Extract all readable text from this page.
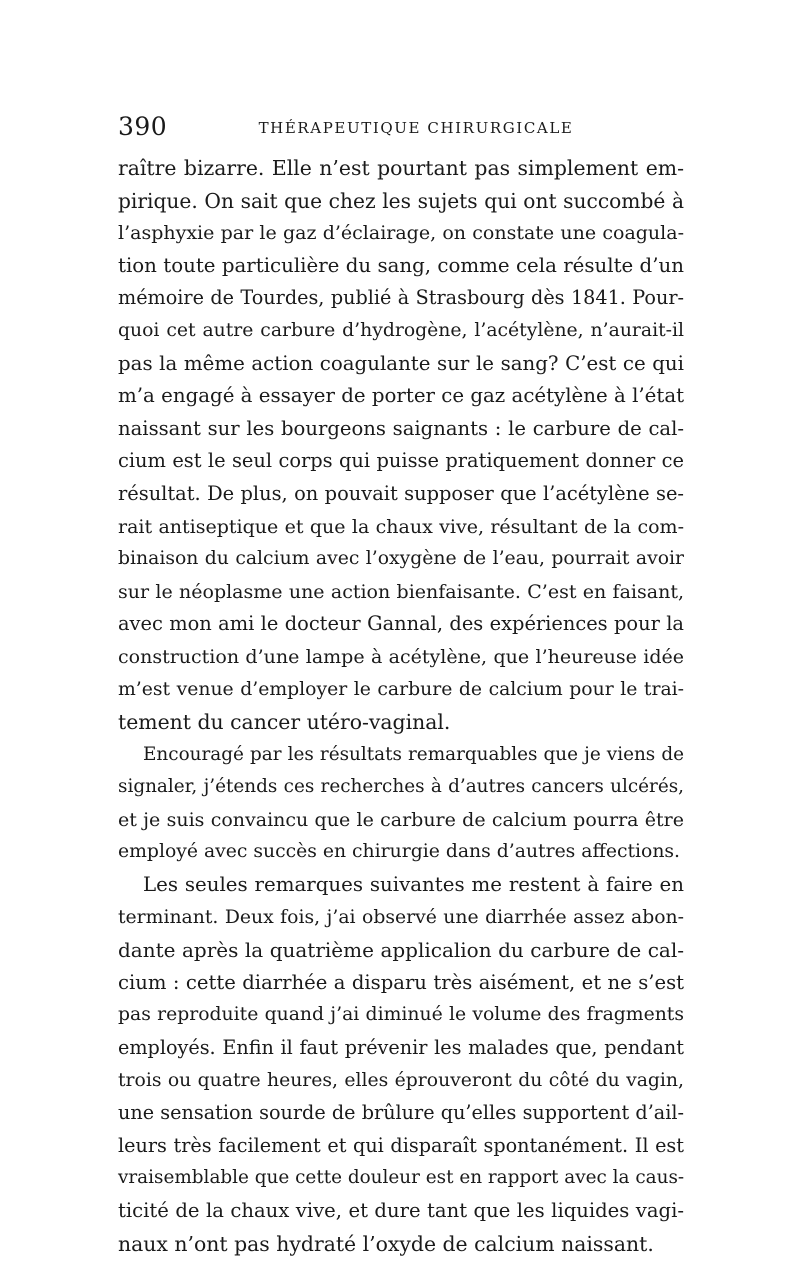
390	THÉRAPEUTIQUE CHIRURGICALE
raître bizarre. Elle n’est pourtant pas simplement em-
pirique. On sait que chez les sujets qui ont succombé à
l’asphyxie par le gaz d’éclairage, on constate une coagula-
tion toute particulière du sang, comme cela résulte d’un
mémoire de Tourdes, publié à Strasbourg dès 1841. Pour-
quoi cet autre carbure d’hydrogène, l’acétylène, n’aurait-il
pas la même action coagulante sur le sang? C’est ce qui
m’a engagé à essayer de porter ce gaz acétylène à l’état
naissant sur les bourgeons saignants : le carbure de cal-
cium est le seul corps qui puisse pratiquement donner ce
résultat. De plus, on pouvait supposer que l’acétylène se-
rait antiseptique et que la chaux vive, résultant de la com-
binaison du calcium avec l’oxygène de l’eau, pourrait avoir
sur le néoplasme une action bienfaisante. C’est en faisant,
avec mon ami le docteur Gannal, des expériences pour la
construction d’une lampe à acétylène, que l’heureuse idée
m’est venue d’employer le carbure de calcium pour le trai-
tement du cancer utéro-vaginal.
Encouragé par les résultats remarquables que je viens de
signaler, j’étends ces recherches à d’autres cancers ulcérés,
et je suis convaincu que le carbure de calcium pourra être
employé avec succès en chirurgie dans d’autres affections.
Les seules remarques suivantes me restent à faire en
terminant. Deux fois, j’ai observé une diarrhée assez abon-
dante après la quatrième applicalion du carbure de cal-
cium : cette diarrhée a disparu très aisément, et ne s’est
pas reproduite quand j’ai diminué le volume des fragments
employés. Enfin il faut prévenir les malades que, pendant
trois ou quatre heures, elles éprouveront du côté du vagin,
une sensation sourde de brûlure qu’elles supportent d’ail-
leurs très facilement et qui disparaît spontanément. Il est
vraisemblable que cette douleur est en rapport avec la caus-
ticité de la chaux vive, et dure tant que les liquides vagi-
naux n’ont pas hydraté l’oxyde de calcium naissant.
